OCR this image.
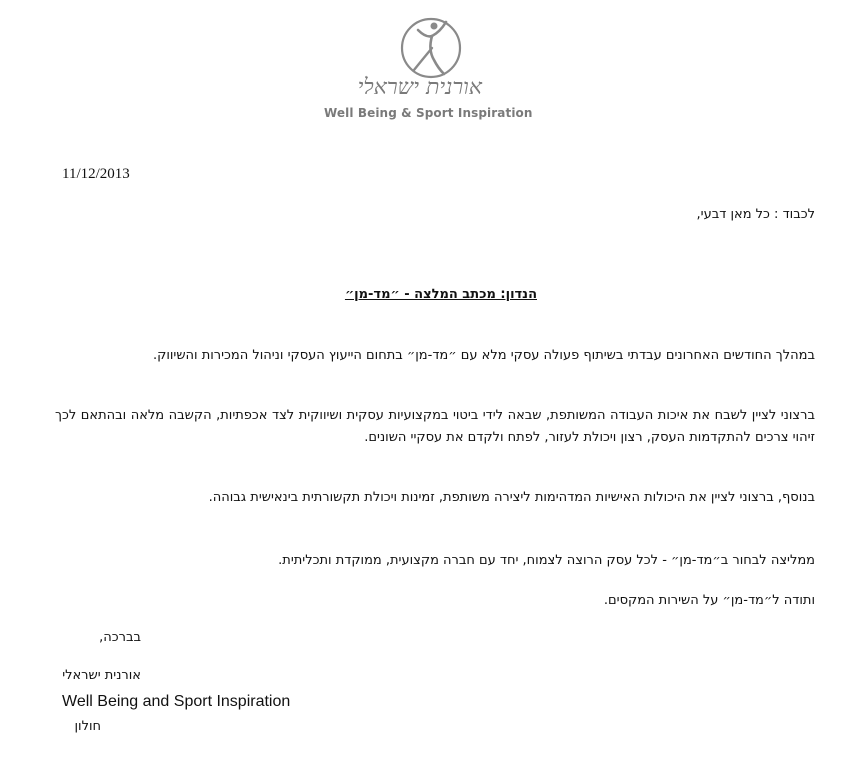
אורנית ישראלי
Well Being & Sport Inspiration
11/12/2013
לכבוד : כל מאן דבעי,
הנדון: מכתב המלצה - ״מד-מן״

במהלך החודשים האחרונים עבדתי בשיתוף פעולה עסקי מלא עם ״מד-מן״ בתחום הייעוץ העסקי וניהול המכירות והשיווק.

ברצוני לציין לשבח את איכות העבודה המשותפת, שבאה לידי ביטוי במקצועיות עסקית ושיווקית לצד אכפתיות, הקשבה מלאה ובהתאם לכך זיהוי צרכים להתקדמות העסק, רצון ויכולת לעזור, לפתח ולקדם את עסקיי השונים.

בנוסף, ברצוני לציין את היכולות האישיות המדהימות ליצירה משותפת, זמינות ויכולת תקשורתית בינאישית גבוהה.

ממליצה לבחור ב״מד-מן״ - לכל עסק הרוצה לצמוח, יחד עם חברה מקצועית, ממוקדת ותכליתית.

ותודה ל״מד-מן״ על השירות המקסים.

בברכה,
אורנית ישראלי
Well Being and Sport Inspiration
חולון
